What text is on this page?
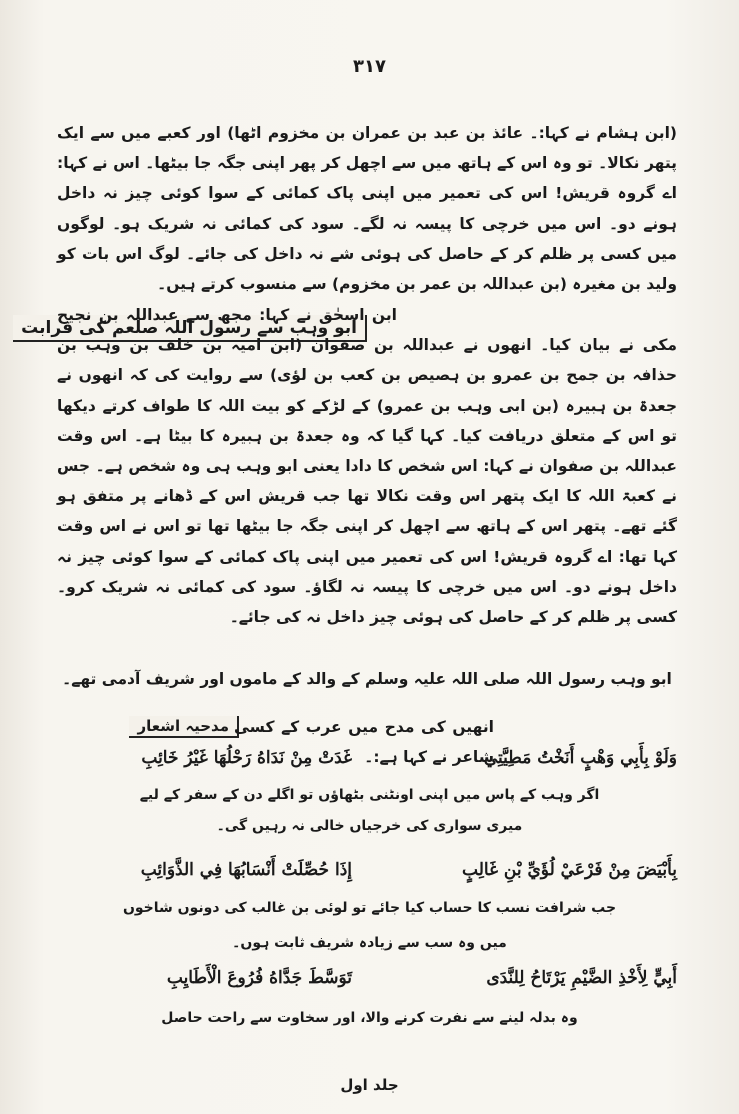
۳۱۷
(ابن ہشام نے کہا:۔ عائذ بن عبد بن عمران بن مخزوم اٹھا) اور کعبے میں سے ایک پتھر نکالا۔ تو وہ اس کے ہاتھ میں سے اچھل کر پھر اپنی جگہ جا بیٹھا۔ اس نے کہا: اے گروہ قریش! اس کی تعمیر میں اپنی پاک کمائی کے سوا کوئی چیز نہ داخل ہونے دو۔ اس میں خرچی کا پیسہ نہ لگے۔ سود کی کمائی نہ شریک ہو۔ لوگوں میں کسی پر ظلم کر کے حاصل کی ہوئی شے نہ داخل کی جائے۔ لوگ اس بات کو ولید بن مغیرہ (بن عبداللہ بن عمر بن مخزوم) سے منسوب کرتے ہیں۔
ابو وہب سے رسول اللہ صلعم کی قرابت
ابن اسحٰق نے کہا: مجھ سے عبداللہ بن نجیح مکی نے بیان کیا۔ انھوں نے عبداللہ بن صفوان (ابن امیہ بن خلف بن وہب بن حذافہ بن جمح بن عمرو بن ہصیص بن کعب بن لؤی) سے روایت کی کہ انھوں نے جعدۃ بن ہبیرہ (بن ابی وہب بن عمرو) کے لڑکے کو بیت اللہ کا طواف کرتے دیکھا تو اس کے متعلق دریافت کیا۔ کہا گیا کہ وہ جعدۃ بن ہبیرہ کا بیٹا ہے۔ اس وقت عبداللہ بن صفوان نے کہا: اس شخص کا دادا یعنی ابو وہب ہی وہ شخص ہے۔ جس نے کعبۃ اللہ کا ایک پتھر اس وقت نکالا تھا جب قریش اس کے ڈھانے پر متفق ہو گئے تھے۔ پتھر اس کے ہاتھ سے اچھل کر اپنی جگہ جا بیٹھا تھا تو اس نے اس وقت کہا تھا: اے گروہ قریش! اس کی تعمیر میں اپنی پاک کمائی کے سوا کوئی چیز نہ داخل ہونے دو۔ اس میں خرچی کا پیسہ نہ لگاؤ۔ سود کی کمائی نہ شریک کرو۔ کسی پر ظلم کر کے حاصل کی ہوئی چیز داخل نہ کی جائے۔
ابو وہب رسول اللہ صلی اللہ علیہ وسلم کے والد کے ماموں اور شریف آدمی تھے۔
مدحیہ اشعار انھیں کی مدح میں عرب کے کسی شاعر نے کہا ہے:۔
وَلَوْ بِأَبِي وَهْبٍ أَنَخْتُ مَطِيَّتِي
غَدَتْ مِنْ نَدَاهُ رَحْلُهَا غَيْرُ خَائِبِ
اگر وہب کے پاس میں اپنی اونٹنی بٹھاؤں تو اگلے دن کے سفر کے لیے
میری سواری کی خرجیاں خالی نہ رہیں گی۔
بِأَبْيَضَ مِنْ فَرْعَيْ لُؤَيِّ بْنِ غَالِبٍ
إِذَا حُصِّلَتْ أَنْسَابُهَا فِي الذَّوَائِبِ
جب شرافت نسب کا حساب کیا جائے تو لوئی بن غالب کی دونوں شاخوں
میں وہ سب سے زیادہ شریف ثابت ہوں۔
أَبِيٍّ لِأَخْذِ الضَّيْمِ يَرْتَاحُ لِلنَّدَى
تَوَسَّطَ جَدَّاهُ فُرُوعَ الْأَطَايِبِ
وہ بدلہ لینے سے نفرت کرنے والا، اور سخاوت سے راحت حاصل
جلد اول
